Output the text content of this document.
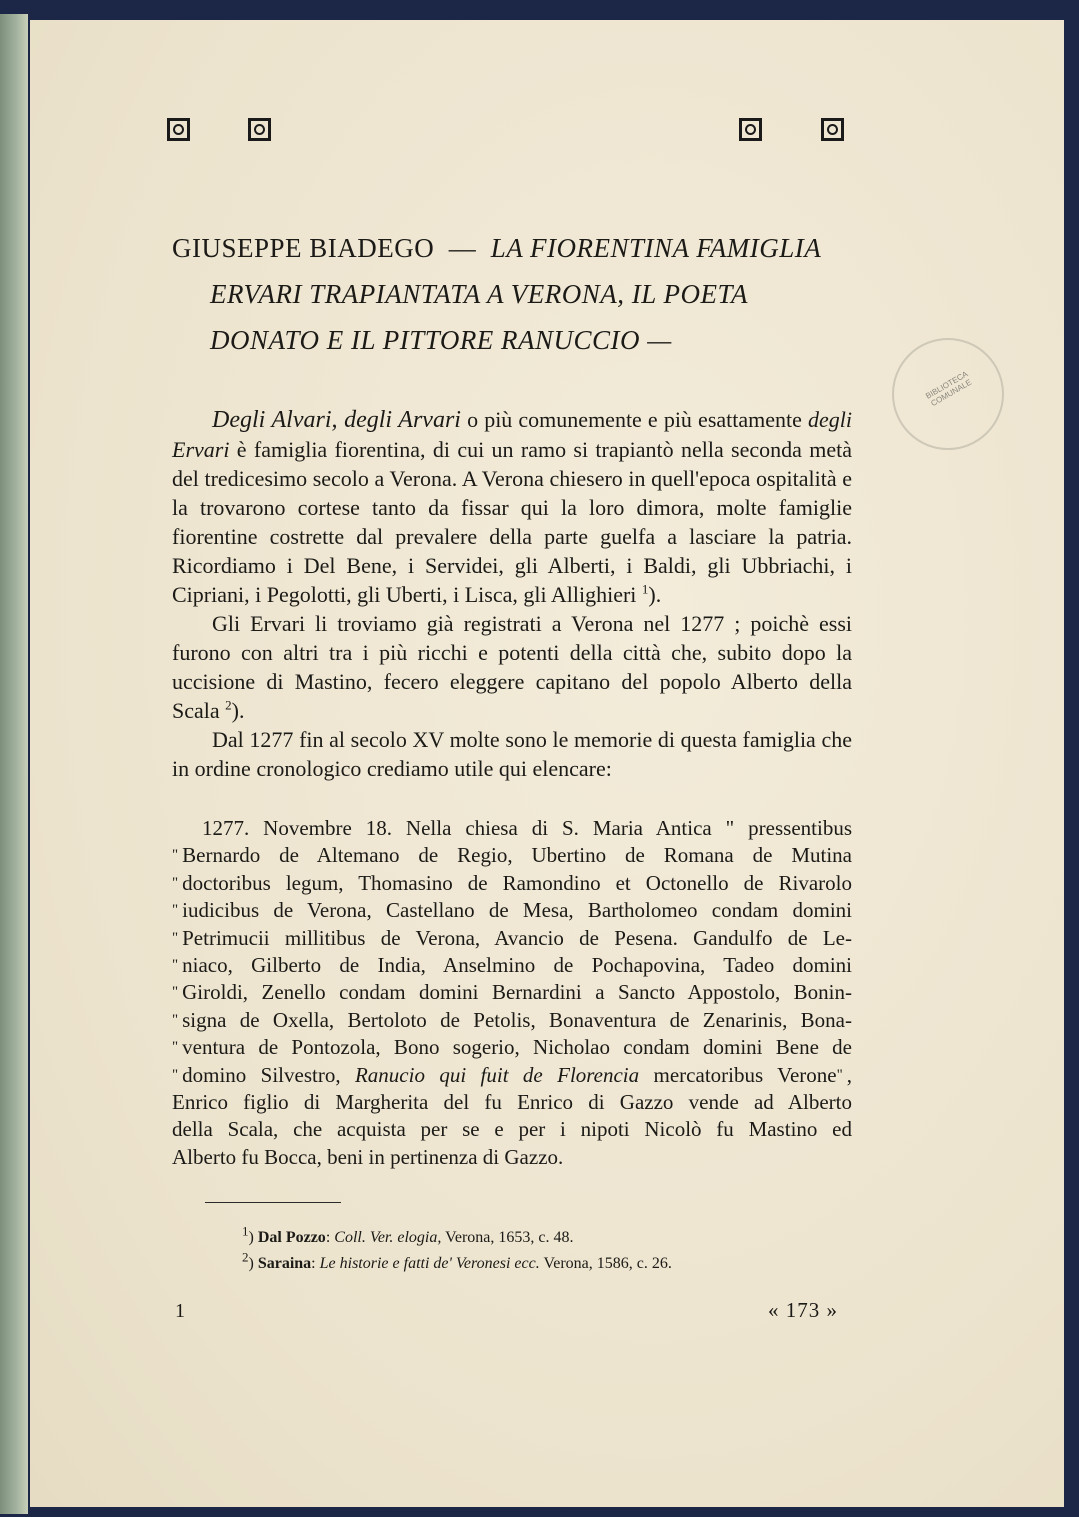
BIBLIOTECA COMUNALE
GIUSEPPE BIADEGO — LA FIORENTINA FAMIGLIA
ERVARI TRAPIANTATA A VERONA, IL POETA
DONATO E IL PITTORE RANUCCIO —

Degli Alvari, degli Arvari o più comunemente e più esattamente degli Ervari è famiglia fiorentina, di cui un ramo si trapiantò nella seconda metà del tredicesimo secolo a Verona. A Verona chiesero in quell'epoca ospitalità e la trovarono cortese tanto da fissar qui la loro dimora, molte famiglie fiorentine costrette dal prevalere della parte guelfa a lasciare la patria. Ricordiamo i Del Bene, i Servidei, gli Alberti, i Baldi, gli Ubbriachi, i Cipriani, i Pegolotti, gli Uberti, i Lisca, gli Allighieri $^1$).

Gli Ervari li troviamo già registrati a Verona nel 1277 ; poichè essi furono con altri tra i più ricchi e potenti della città che, subito dopo la uccisione di Mastino, fecero eleggere capitano del popolo Alberto della Scala $^2$).

Dal 1277 fin al secolo XV molte sono le memorie di questa famiglia che in ordine cronologico crediamo utile qui elencare:

1277. Novembre 18. Nella chiesa di S. Maria Antica " pressentibus
" Bernardo de Altemano de Regio, Ubertino de Romana de Mutina
" doctoribus legum, Thomasino de Ramondino et Octonello de Rivarolo
" iudicibus de Verona, Castellano de Mesa, Bartholomeo condam domini
" Petrimucii millitibus de Verona, Avancio de Pesena. Gandulfo de Le-
" niaco, Gilberto de India, Anselmino de Pochapovina, Tadeo domini
" Giroldi, Zenello condam domini Bernardini a Sancto Appostolo, Bonin-
" signa de Oxella, Bertoloto de Petolis, Bonaventura de Zenarinis, Bona-
" ventura de Pontozola, Bono sogerio, Nicholao condam domini Bene de
" domino Silvestro, Ranucio qui fuit de Florencia mercatoribus Verone" ,
Enrico figlio di Margherita del fu Enrico di Gazzo vende ad Alberto
della Scala, che acquista per se e per i nipoti Nicolò fu Mastino ed
Alberto fu Bocca, beni in pertinenza di Gazzo.
$^1$) Dal Pozzo: Coll. Ver. elogia, Verona, 1653, c. 48.
$^2$) Saraina: Le historie e fatti de' Veronesi ecc. Verona, 1586, c. 26.
1	« 173 »
